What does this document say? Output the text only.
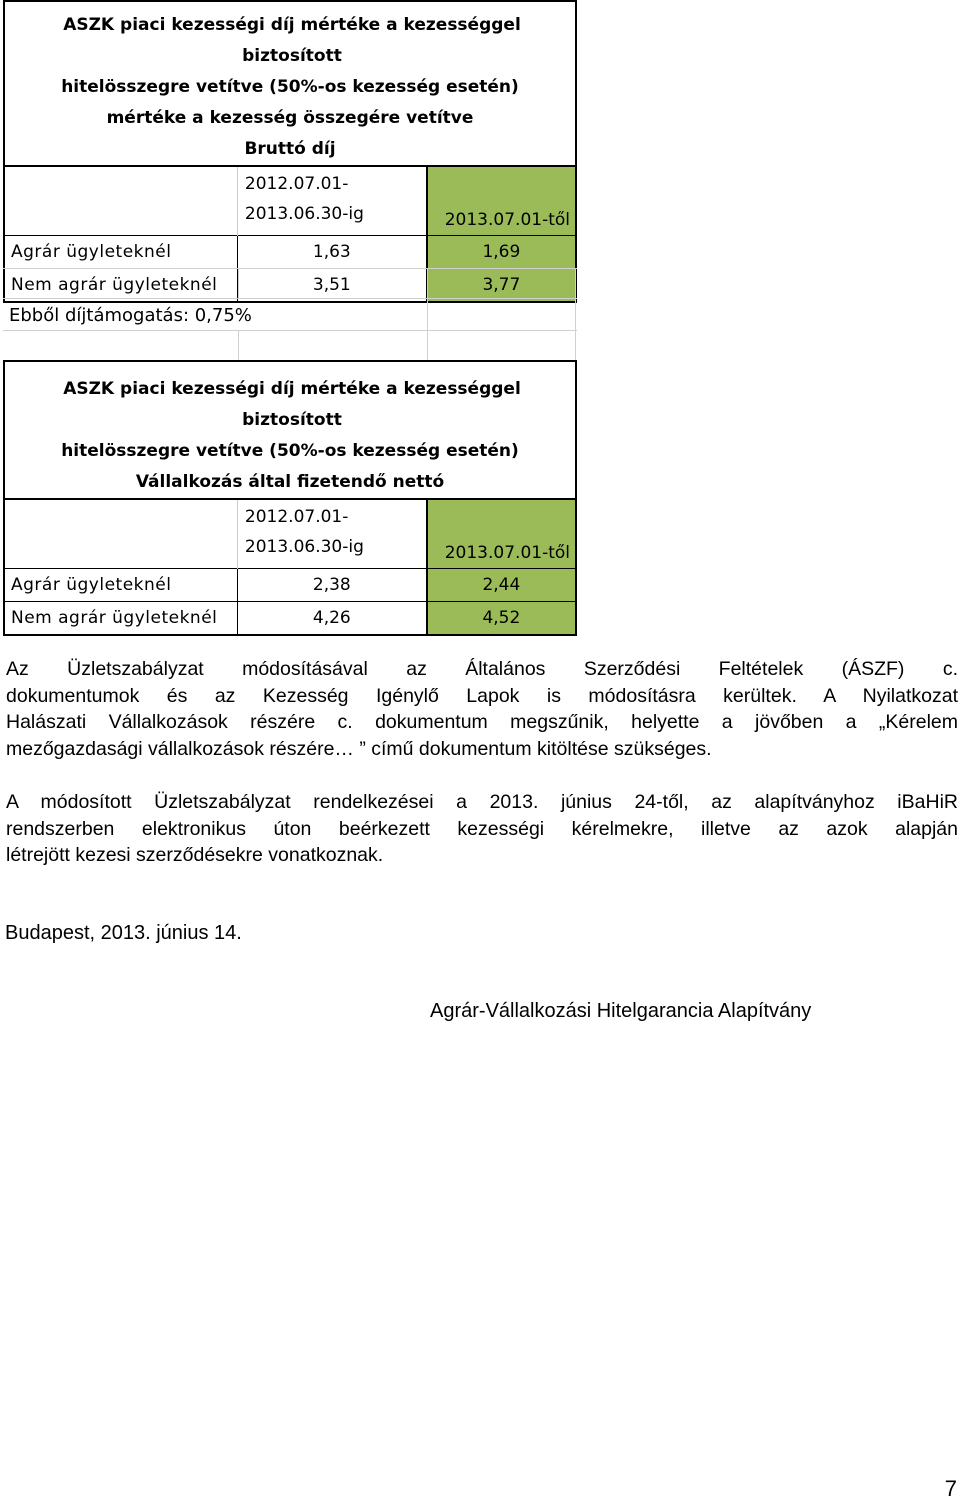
ASZK piaci kezességi díj mértéke a kezességgel biztosított		
hitelösszegre vetítve (50%-os kezesség esetén)		
mértéke a kezesség összegére vetítve		
Bruttó díj		
	2012.07.01-
2013.06.30-ig	2013.07.01-től
Agrár ügyleteknél	1,63	1,69
Nem agrár ügyleteknél	3,51	3,77
Ebből díjtámogatás: 0,75%
ASZK piaci kezességi díj mértéke a kezességgel biztosított		
hitelösszegre vetítve (50%-os kezesség esetén)		
Vállalkozás által fizetendő nettó		
	2012.07.01-
2013.06.30-ig	2013.07.01-től
Agrár ügyleteknél	2,38	2,44
Nem agrár ügyleteknél	4,26	4,52
Az Üzletszabályzat módosításával az Általános Szerződési Feltételek (ÁSZF) c.
dokumentumok és az Kezesség Igénylő Lapok is módosításra kerültek. A Nyilatkozat
Halászati Vállalkozások részére c. dokumentum megszűnik, helyette a jövőben a „Kérelem
mezőgazdasági vállalkozások részére… ” című dokumentum kitöltése szükséges.
A módosított Üzletszabályzat rendelkezései a 2013. június 24-től, az alapítványhoz iBaHiR
rendszerben elektronikus úton beérkezett kezességi kérelmekre, illetve az azok alapján
létrejött kezesi szerződésekre vonatkoznak.
Budapest, 2013. június 14.
Agrár-Vállalkozási Hitelgarancia Alapítvány
7
